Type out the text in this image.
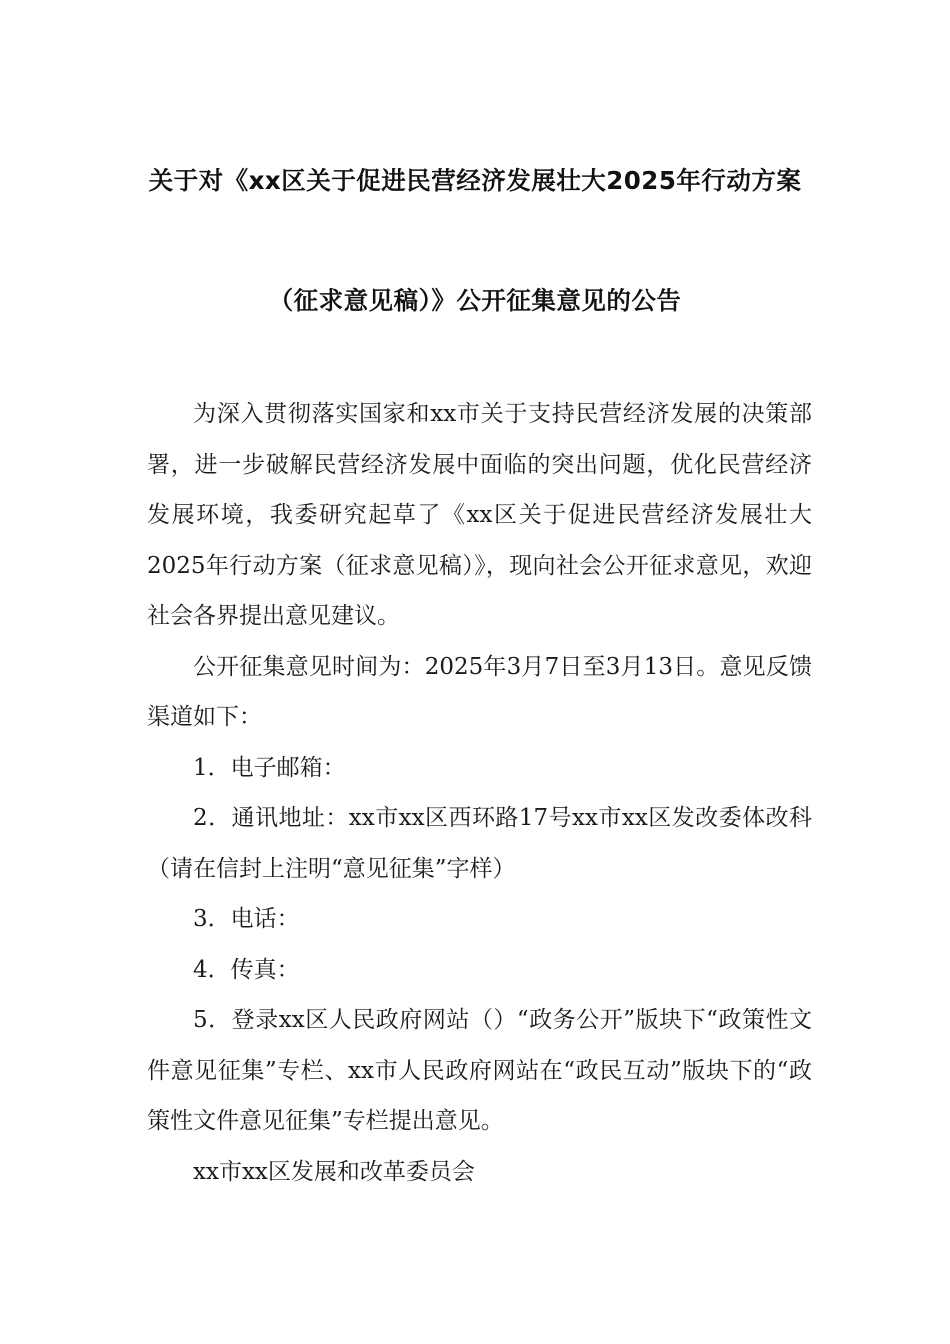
关于对《xx区关于促进民营经济发展壮大2025年行动方案
（征求意见稿）》公开征集意见的公告

为深入贯彻落实国家和xx市关于支持民营经济发展的决策部署，进一步破解民营经济发展中面临的突出问题，优化民营经济发展环境，我委研究起草了《xx区关于促进民营经济发展壮大2025年行动方案（征求意见稿）》，现向社会公开征求意见，欢迎社会各界提出意见建议。

公开征集意见时间为：2025年3月7日至3月13日。意见反馈渠道如下：

1．电子邮箱：

2．通讯地址：xx市xx区西环路17号xx市xx区发改委体改科（请在信封上注明“意见征集”字样）

3．电话：

4．传真：

5．登录xx区人民政府网站（）“政务公开”版块下“政策性文件意见征集”专栏、xx市人民政府网站在“政民互动”版块下的“政策性文件意见征集”专栏提出意见。

xx市xx区发展和改革委员会
